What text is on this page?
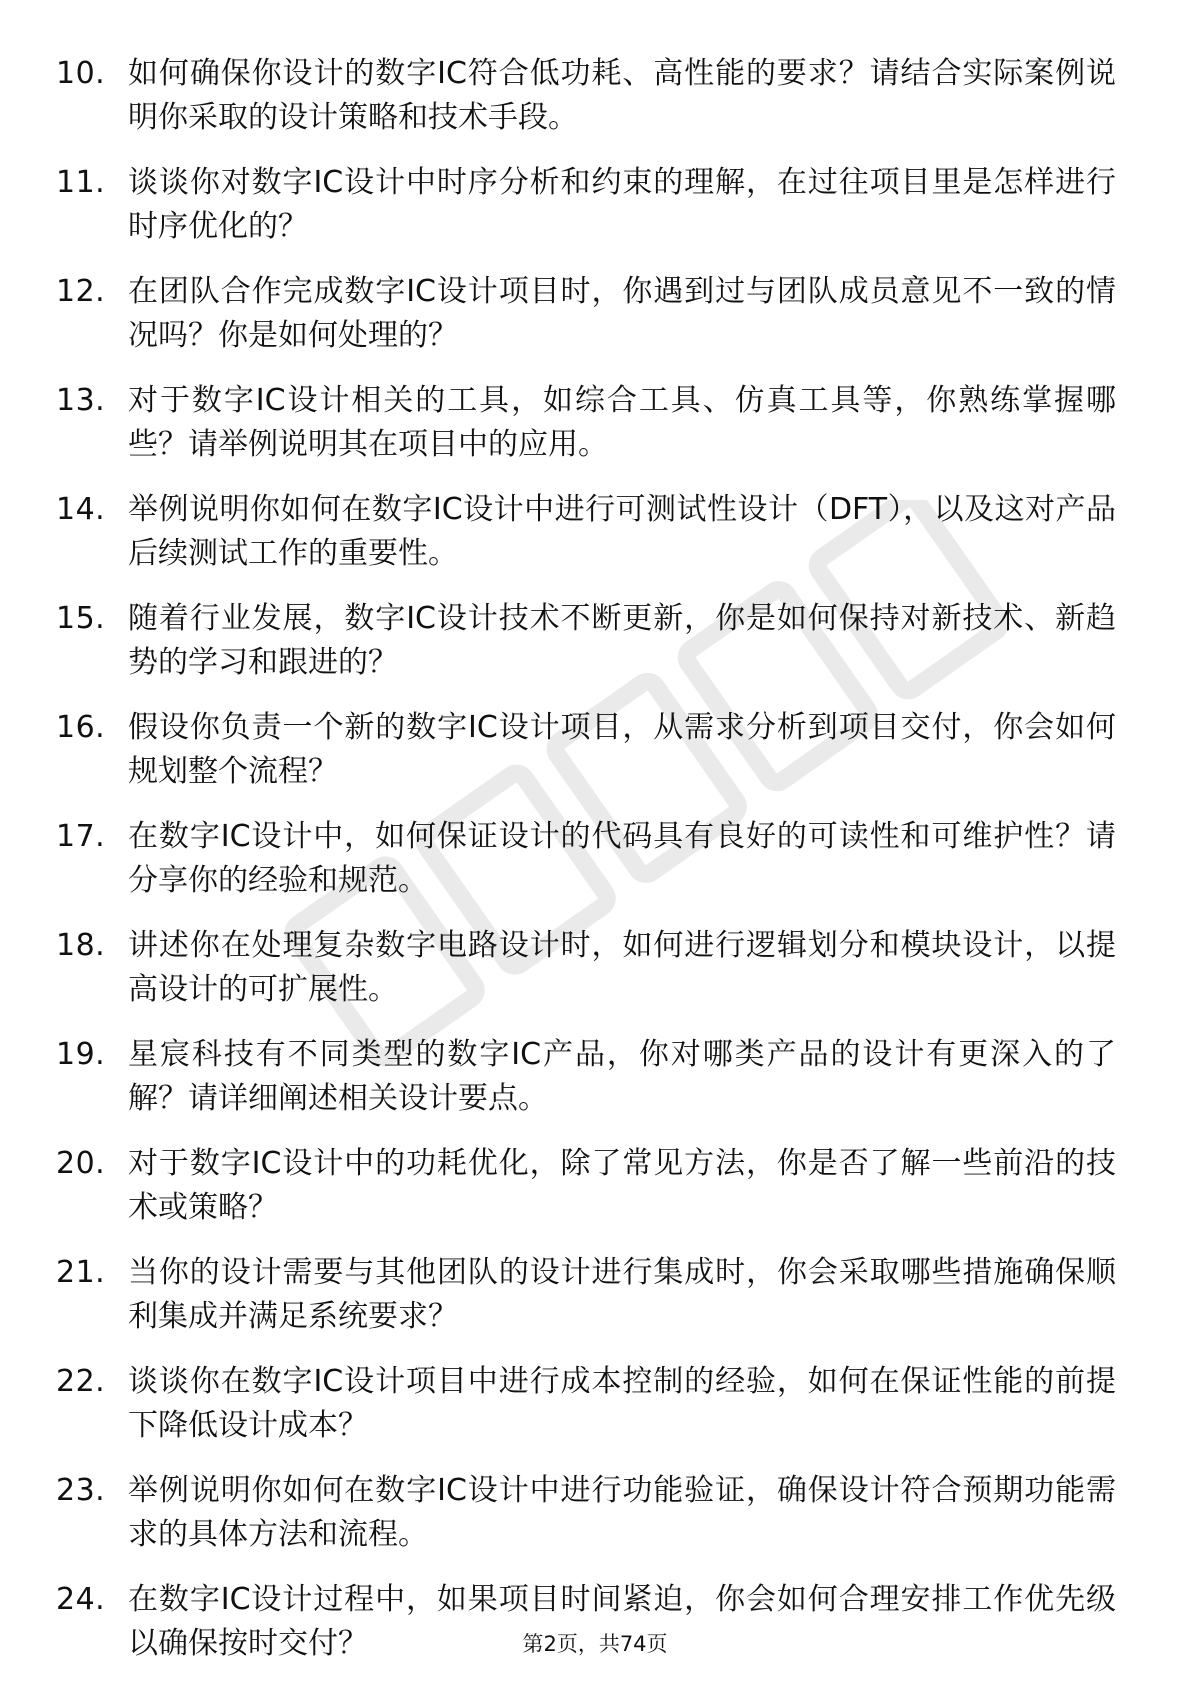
10. 如何确保你设计的数字IC符合低功耗、高性能的要求？请结合实际案例说明你采取的设计策略和技术手段。
11. 谈谈你对数字IC设计中时序分析和约束的理解，在过往项目里是怎样进行时序优化的？
12. 在团队合作完成数字IC设计项目时，你遇到过与团队成员意见不一致的情况吗？你是如何处理的？
13. 对于数字IC设计相关的工具，如综合工具、仿真工具等，你熟练掌握哪些？请举例说明其在项目中的应用。
14. 举例说明你如何在数字IC设计中进行可测试性设计（DFT），以及这对产品后续测试工作的重要性。
15. 随着行业发展，数字IC设计技术不断更新，你是如何保持对新技术、新趋势的学习和跟进的？
16. 假设你负责一个新的数字IC设计项目，从需求分析到项目交付，你会如何规划整个流程？
17. 在数字IC设计中，如何保证设计的代码具有良好的可读性和可维护性？请分享你的经验和规范。
18. 讲述你在处理复杂数字电路设计时，如何进行逻辑划分和模块设计，以提高设计的可扩展性。
19. 星宸科技有不同类型的数字IC产品，你对哪类产品的设计有更深入的了解？请详细阐述相关设计要点。
20. 对于数字IC设计中的功耗优化，除了常见方法，你是否了解一些前沿的技术或策略？
21. 当你的设计需要与其他团队的设计进行集成时，你会采取哪些措施确保顺利集成并满足系统要求？
22. 谈谈你在数字IC设计项目中进行成本控制的经验，如何在保证性能的前提下降低设计成本？
23. 举例说明你如何在数字IC设计中进行功能验证，确保设计符合预期功能需求的具体方法和流程。
24. 在数字IC设计过程中，如果项目时间紧迫，你会如何合理安排工作优先级以确保按时交付？	第2页，共74页
